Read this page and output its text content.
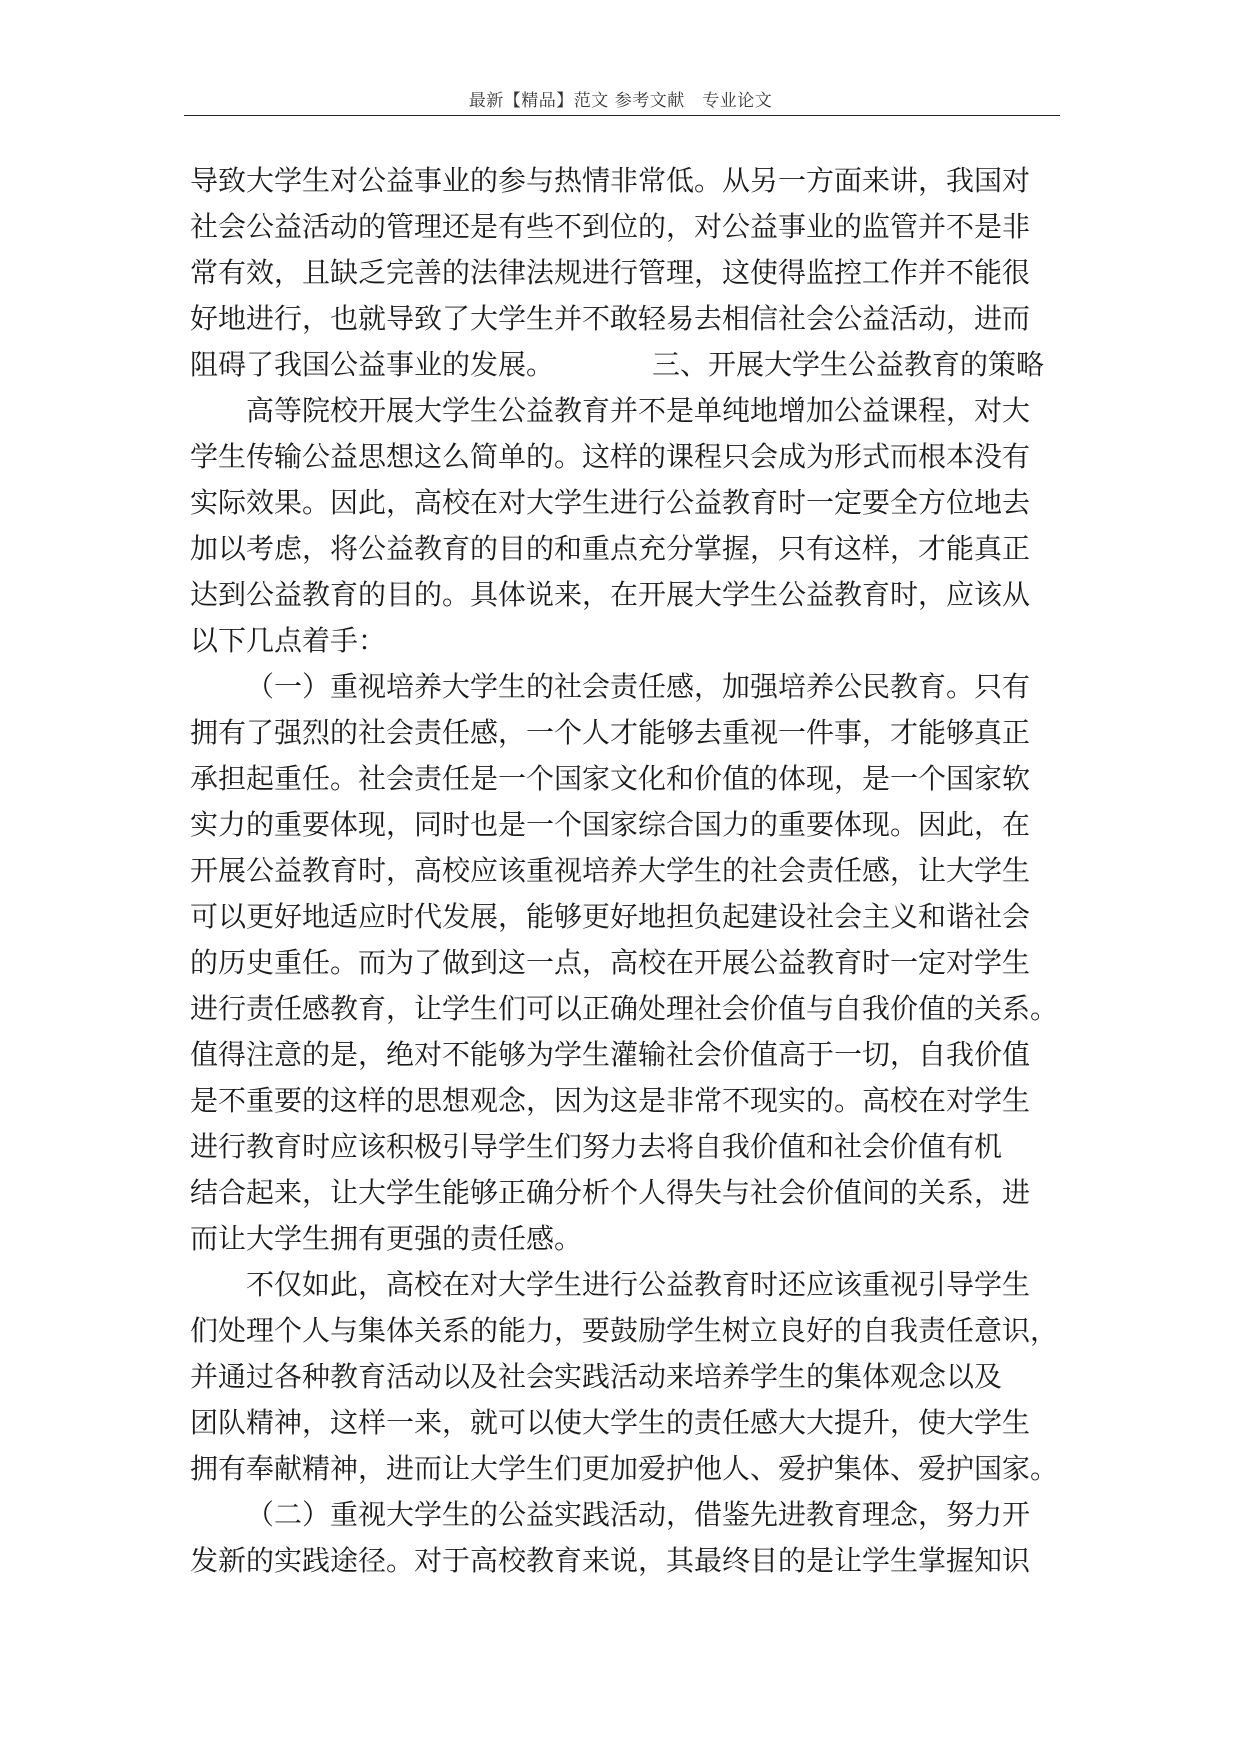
最新【精品】范文 参考文献　专业论文
导致大学生对公益事业的参与热情非常低。从另一方面来讲，我国对
社会公益活动的管理还是有些不到位的，对公益事业的监管并不是非
常有效，且缺乏完善的法律法规进行管理，这使得监控工作并不能很
好地进行，也就导致了大学生并不敢轻易去相信社会公益活动，进而
阻碍了我国公益事业的发展。　　　　三、开展大学生公益教育的策略
高等院校开展大学生公益教育并不是单纯地增加公益课程，对大
学生传输公益思想这么简单的。这样的课程只会成为形式而根本没有
实际效果。因此，高校在对大学生进行公益教育时一定要全方位地去
加以考虑，将公益教育的目的和重点充分掌握，只有这样，才能真正
达到公益教育的目的。具体说来，在开展大学生公益教育时，应该从
以下几点着手：
（一）重视培养大学生的社会责任感，加强培养公民教育。只有
拥有了强烈的社会责任感，一个人才能够去重视一件事，才能够真正
承担起重任。社会责任是一个国家文化和价值的体现，是一个国家软
实力的重要体现，同时也是一个国家综合国力的重要体现。因此，在
开展公益教育时，高校应该重视培养大学生的社会责任感，让大学生
可以更好地适应时代发展，能够更好地担负起建设社会主义和谐社会
的历史重任。而为了做到这一点，高校在开展公益教育时一定对学生
进行责任感教育，让学生们可以正确处理社会价值与自我价值的关系。
值得注意的是，绝对不能够为学生灌输社会价值高于一切，自我价值
是不重要的这样的思想观念，因为这是非常不现实的。高校在对学生
进行教育时应该积极引导学生们努力去将自我价值和社会价值有机
结合起来，让大学生能够正确分析个人得失与社会价值间的关系，进
而让大学生拥有更强的责任感。
不仅如此，高校在对大学生进行公益教育时还应该重视引导学生
们处理个人与集体关系的能力，要鼓励学生树立良好的自我责任意识，
并通过各种教育活动以及社会实践活动来培养学生的集体观念以及
团队精神，这样一来，就可以使大学生的责任感大大提升，使大学生
拥有奉献精神，进而让大学生们更加爱护他人、爱护集体、爱护国家。
（二）重视大学生的公益实践活动，借鉴先进教育理念，努力开
发新的实践途径。对于高校教育来说，其最终目的是让学生掌握知识
